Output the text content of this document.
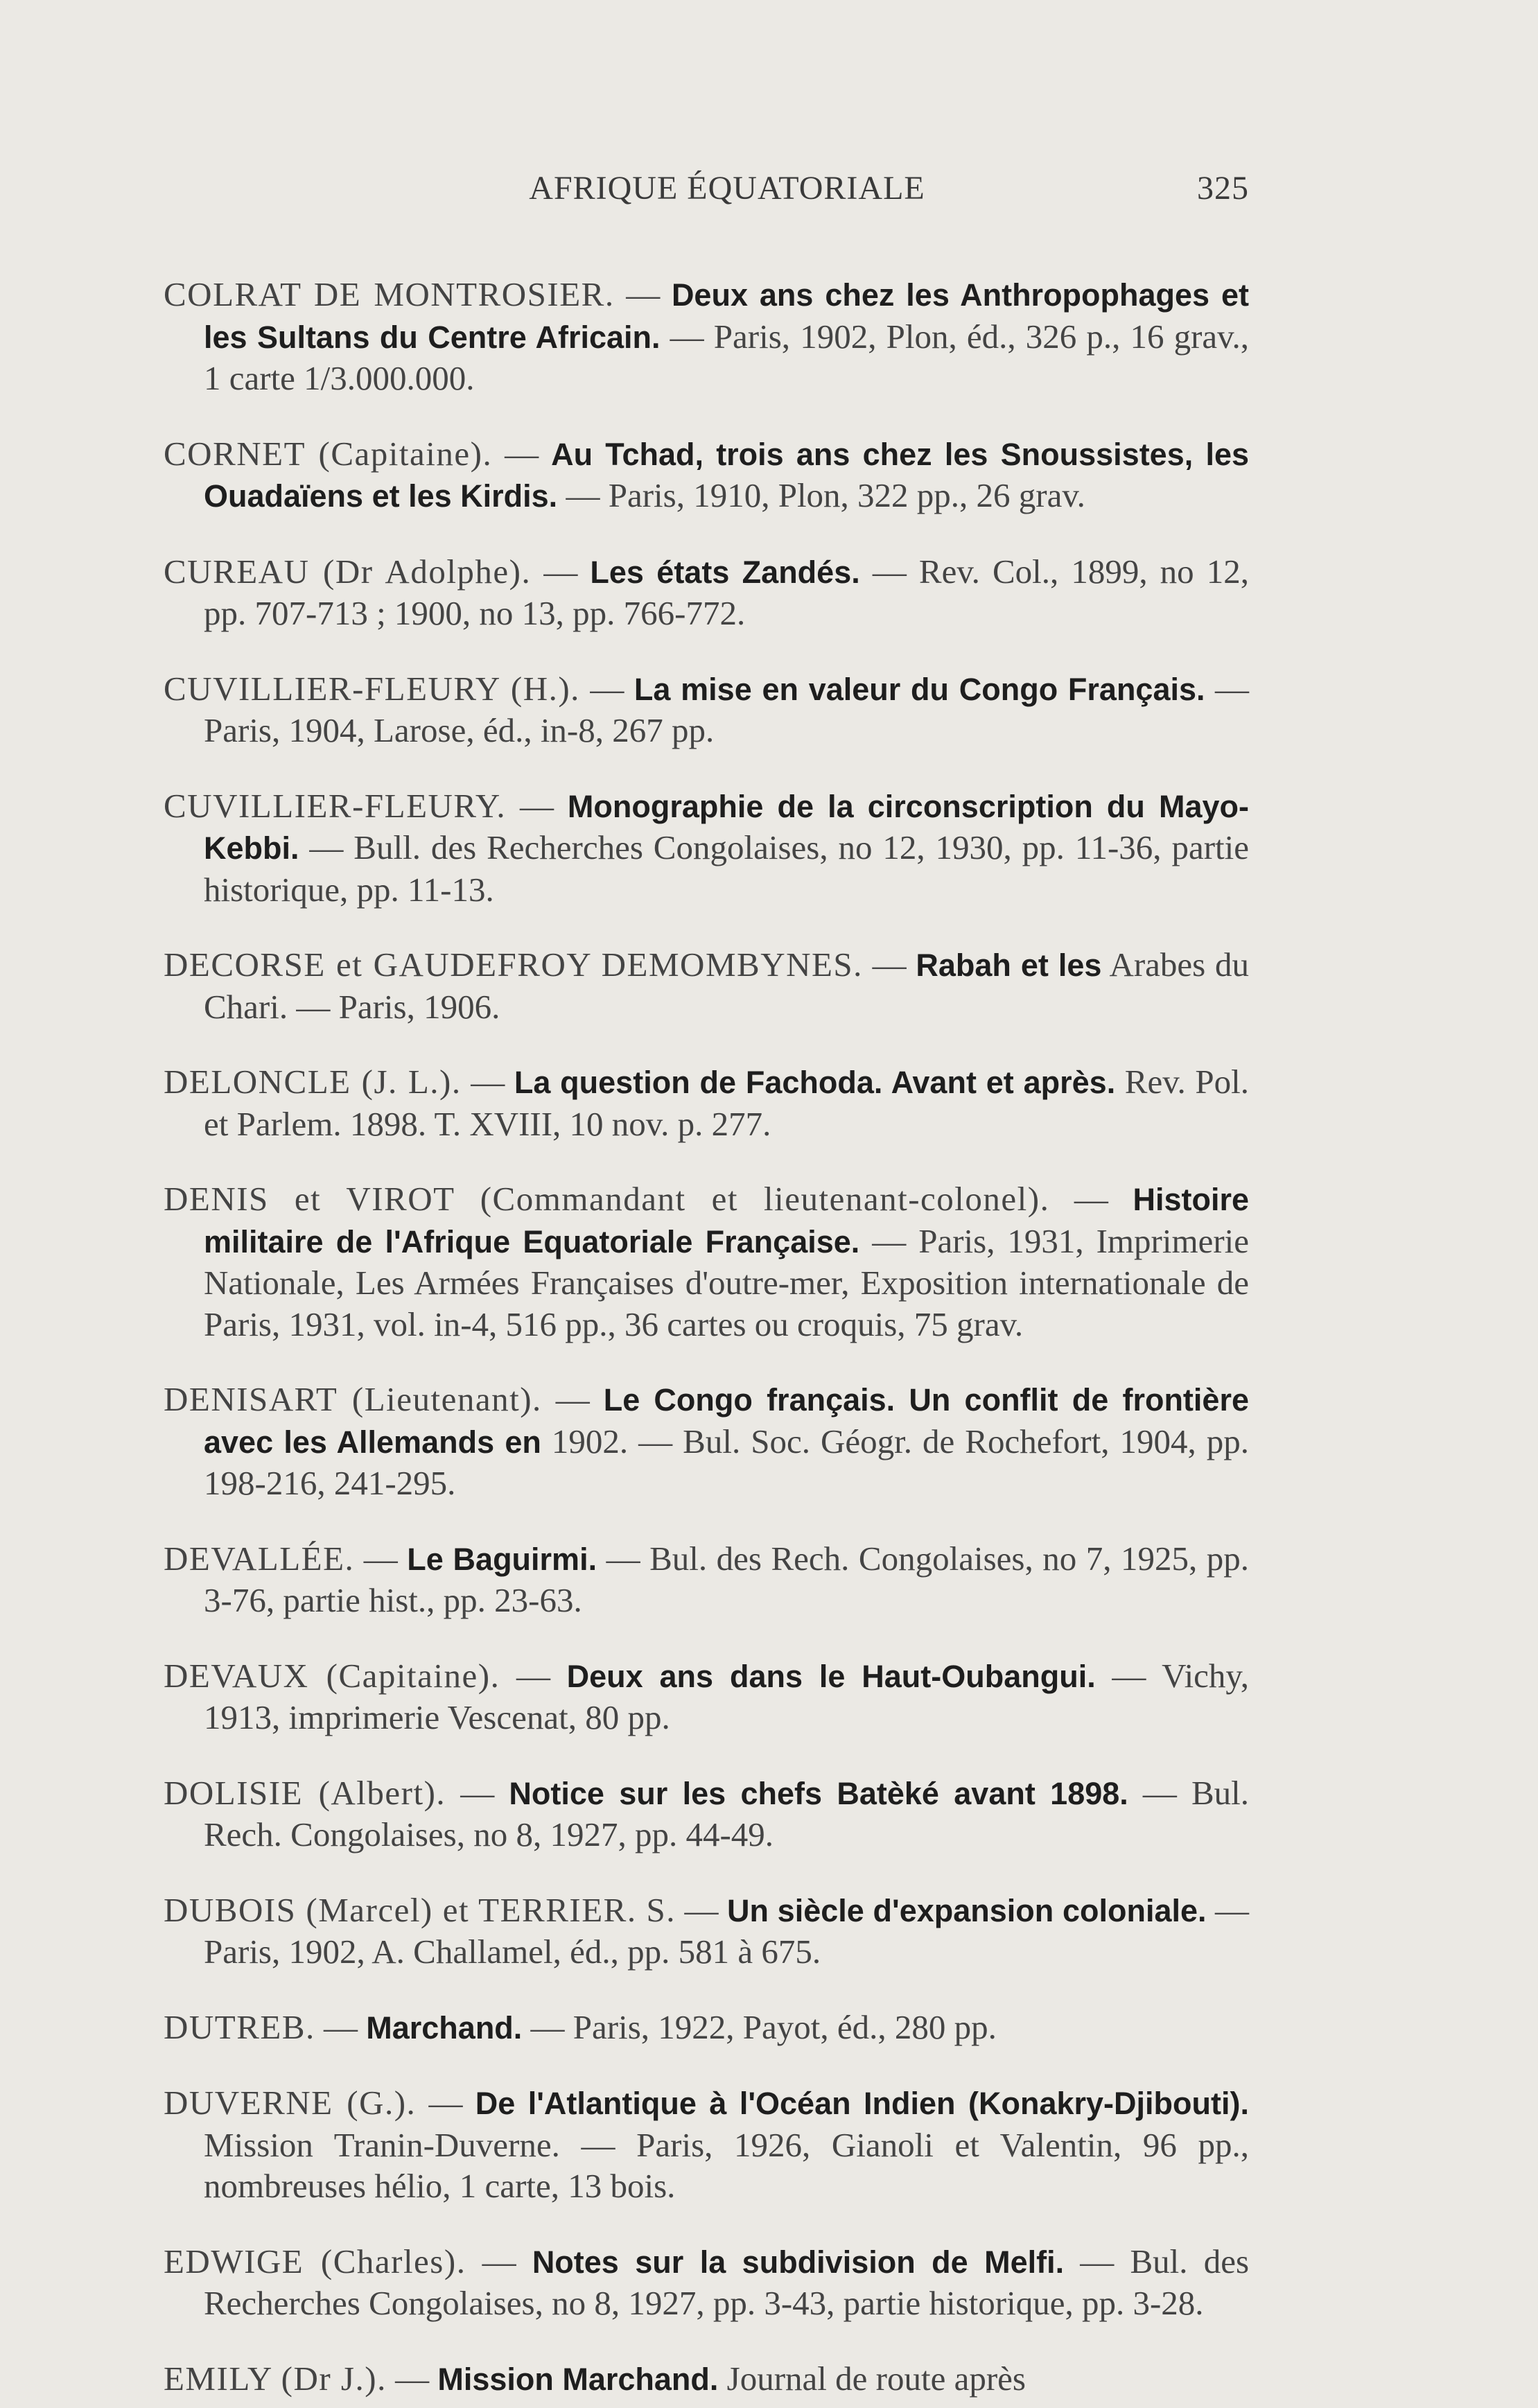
AFRIQUE ÉQUATORIALE	325

COLRAT DE MONTROSIER. — Deux ans chez les Anthropophages et les Sultans du Centre Africain. — Paris, 1902, Plon, éd., 326 p., 16 grav., 1 carte 1/3.000.000.

CORNET (Capitaine). — Au Tchad, trois ans chez les Snoussistes, les Ouadaïens et les Kirdis. — Paris, 1910, Plon, 322 pp., 26 grav.

CUREAU (Dr Adolphe). — Les états Zandés. — Rev. Col., 1899, no 12, pp. 707-713 ; 1900, no 13, pp. 766-772.

CUVILLIER-FLEURY (H.). — La mise en valeur du Congo Français. — Paris, 1904, Larose, éd., in-8, 267 pp.

CUVILLIER-FLEURY. — Monographie de la circonscription du Mayo-Kebbi. — Bull. des Recherches Congolaises, no 12, 1930, pp. 11-36, partie historique, pp. 11-13.

DECORSE et GAUDEFROY DEMOMBYNES. — Rabah et les Arabes du Chari. — Paris, 1906.

DELONCLE (J. L.). — La question de Fachoda. Avant et après. Rev. Pol. et Parlem. 1898. T. XVIII, 10 nov. p. 277.

DENIS et VIROT (Commandant et lieutenant-colonel). — Histoire militaire de l'Afrique Equatoriale Française. — Paris, 1931, Imprimerie Nationale, Les Armées Françaises d'outre-mer, Exposition internationale de Paris, 1931, vol. in-4, 516 pp., 36 cartes ou croquis, 75 grav.

DENISART (Lieutenant). — Le Congo français. Un conflit de frontière avec les Allemands en 1902. — Bul. Soc. Géogr. de Rochefort, 1904, pp. 198-216, 241-295.

DEVALLÉE. — Le Baguirmi. — Bul. des Rech. Congolaises, no 7, 1925, pp. 3-76, partie hist., pp. 23-63.

DEVAUX (Capitaine). — Deux ans dans le Haut-Oubangui. — Vichy, 1913, imprimerie Vescenat, 80 pp.

DOLISIE (Albert). — Notice sur les chefs Batèké avant 1898. — Bul. Rech. Congolaises, no 8, 1927, pp. 44-49.

DUBOIS (Marcel) et TERRIER. S. — Un siècle d'expansion coloniale. — Paris, 1902, A. Challamel, éd., pp. 581 à 675.

DUTREB. — Marchand. — Paris, 1922, Payot, éd., 280 pp.

DUVERNE (G.). — De l'Atlantique à l'Océan Indien (Konakry-Djibouti). Mission Tranin-Duverne. — Paris, 1926, Gianoli et Valentin, 96 pp., nombreuses hélio, 1 carte, 13 bois.

EDWIGE (Charles). — Notes sur la subdivision de Melfi. — Bul. des Recherches Congolaises, no 8, 1927, pp. 3-43, partie historique, pp. 3-28.

EMILY (Dr J.). — Mission Marchand. Journal de route après
